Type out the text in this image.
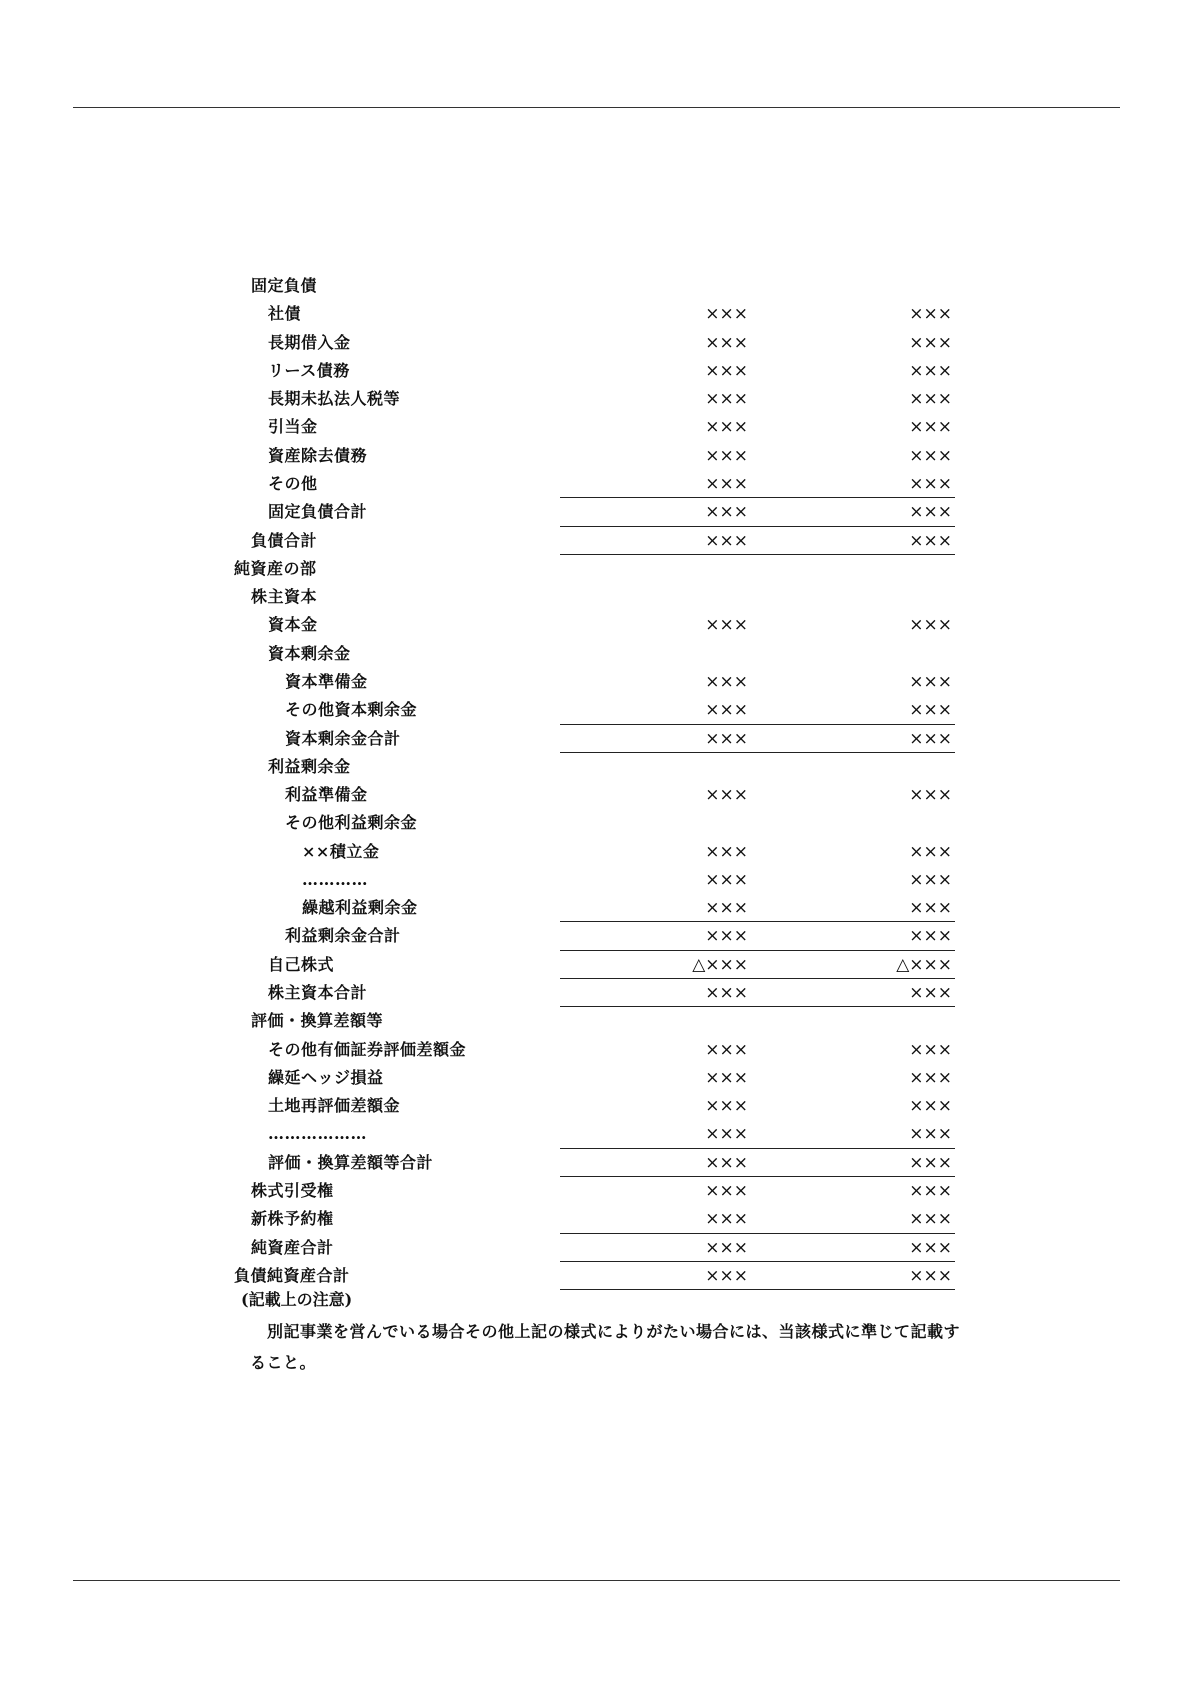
固定負債
社債	×××	×××
長期借入金	×××	×××
リース債務	×××	×××
長期未払法人税等	×××	×××
引当金	×××	×××
資産除去債務	×××	×××
その他	×××	×××
固定負債合計	×××	×××
負債合計	×××	×××
純資産の部
株主資本
資本金	×××	×××
資本剰余金
資本準備金	×××	×××
その他資本剰余金	×××	×××
資本剰余金合計	×××	×××
利益剰余金
利益準備金	×××	×××
その他利益剰余金
××積立金	×××	×××
…………	×××	×××
繰越利益剰余金	×××	×××
利益剰余金合計	×××	×××
自己株式	△×××	△×××
株主資本合計	×××	×××
評価・換算差額等
その他有価証券評価差額金	×××	×××
繰延ヘッジ損益	×××	×××
土地再評価差額金	×××	×××
………………	×××	×××
評価・換算差額等合計	×××	×××
株式引受権	×××	×××
新株予約権	×××	×××
純資産合計	×××	×××
負債純資産合計	×××	×××
(記載上の注意)
別記事業を営んでいる場合その他上記の様式によりがたい場合には、当該様式に準じて記載すること。
